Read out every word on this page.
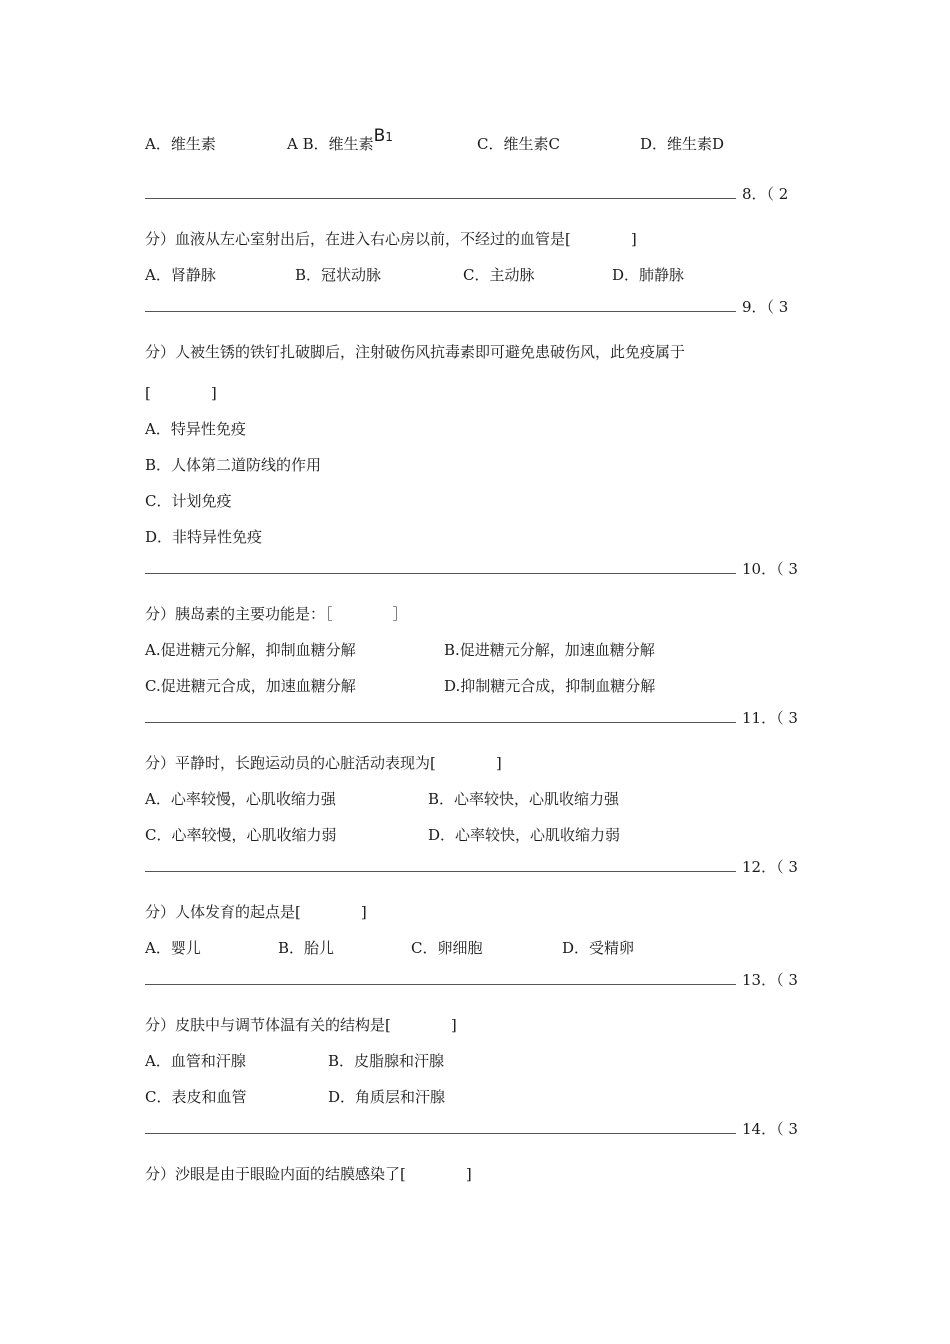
A．维生素	A B．维生素B1	C．维生素C	D．维生素D
8．（ 2
分）血液从左心室射出后，在进入右心房以前，不经过的血管是[　　　　]
A．肾静脉	B．冠状动脉	C．主动脉	D．肺静脉
9．（ 3
分）人被生锈的铁钉扎破脚后，注射破伤风抗毒素即可避免患破伤风，此免疫属于
[　　　　]
A．特异性免疫
B．人体第二道防线的作用
C．计划免疫
D．非特异性免疫
10．（ 3
分）胰岛素的主要功能是：［　　　　］
A.促进糖元分解，抑制血糖分解	B.促进糖元分解，加速血糖分解
C.促进糖元合成，加速血糖分解	D.抑制糖元合成，抑制血糖分解
11．（ 3
分）平静时，长跑运动员的心脏活动表现为[　　　　]
A．心率较慢，心肌收缩力强	B．心率较快，心肌收缩力强
C．心率较慢，心肌收缩力弱	D．心率较快，心肌收缩力弱
12．（ 3
分）人体发育的起点是[　　　　]
A．婴儿	B．胎儿	C．卵细胞	D．受精卵
13．（ 3
分）皮肤中与调节体温有关的结构是[　　　　]
A．血管和汗腺	B．皮脂腺和汗腺
C．表皮和血管	D．角质层和汗腺
14．（ 3
分）沙眼是由于眼睑内面的结膜感染了[　　　　]
